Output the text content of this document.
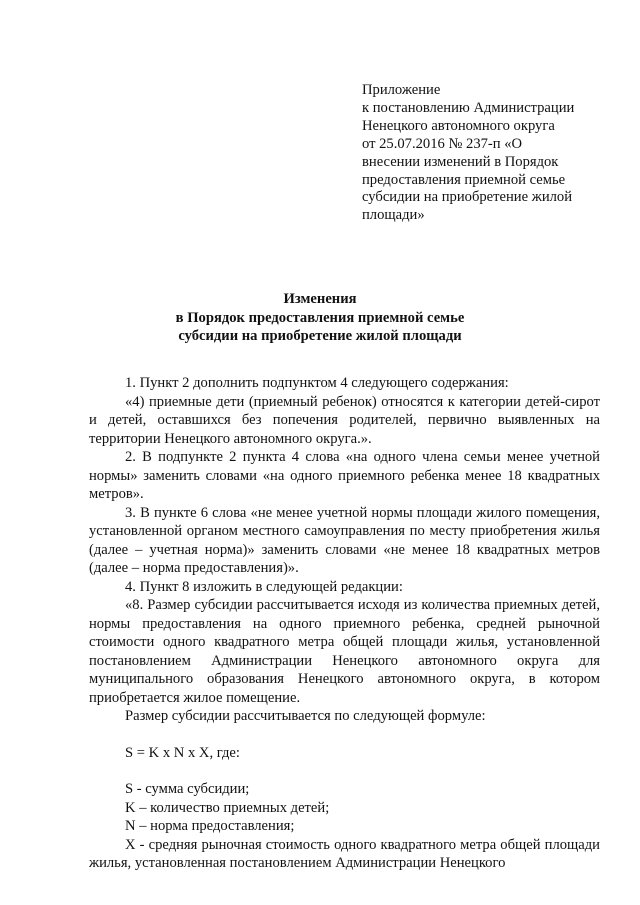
Приложение
к постановлению Администрации
Ненецкого автономного округа
от 25.07.2016 № 237-п «О
внесении изменений в Порядок
предоставления приемной семье
субсидии на приобретение жилой
площади»
Изменения
в Порядок предоставления приемной семье
субсидии на приобретение жилой площади

1. Пункт 2 дополнить подпунктом 4 следующего содержания:

«4) приемные дети (приемный ребенок) относятся к категории детей-сирот и детей, оставшихся без попечения родителей, первично выявленных на территории Ненецкого автономного округа.».

2. В подпункте 2 пункта 4 слова «на одного члена семьи менее учетной нормы» заменить словами «на одного приемного ребенка менее 18 квадратных метров».

3. В пункте 6 слова «не менее учетной нормы площади жилого помещения, установленной органом местного самоуправления по месту приобретения жилья (далее – учетная норма)» заменить словами «не менее 18 квадратных метров (далее – норма предоставления)».

4. Пункт 8 изложить в следующей редакции:

«8. Размер субсидии рассчитывается исходя из количества приемных детей, нормы предоставления на одного приемного ребенка, средней рыночной стоимости одного квадратного метра общей площади жилья, установленной постановлением Администрации Ненецкого автономного округа для муниципального образования Ненецкого автономного округа, в котором приобретается жилое помещение.

Размер субсидии рассчитывается по следующей формуле:

S = K x N x X, где:

S - сумма субсидии;

K – количество приемных детей;

N – норма предоставления;

X - средняя рыночная стоимость одного квадратного метра общей площади жилья, установленная постановлением Администрации Ненецкого
